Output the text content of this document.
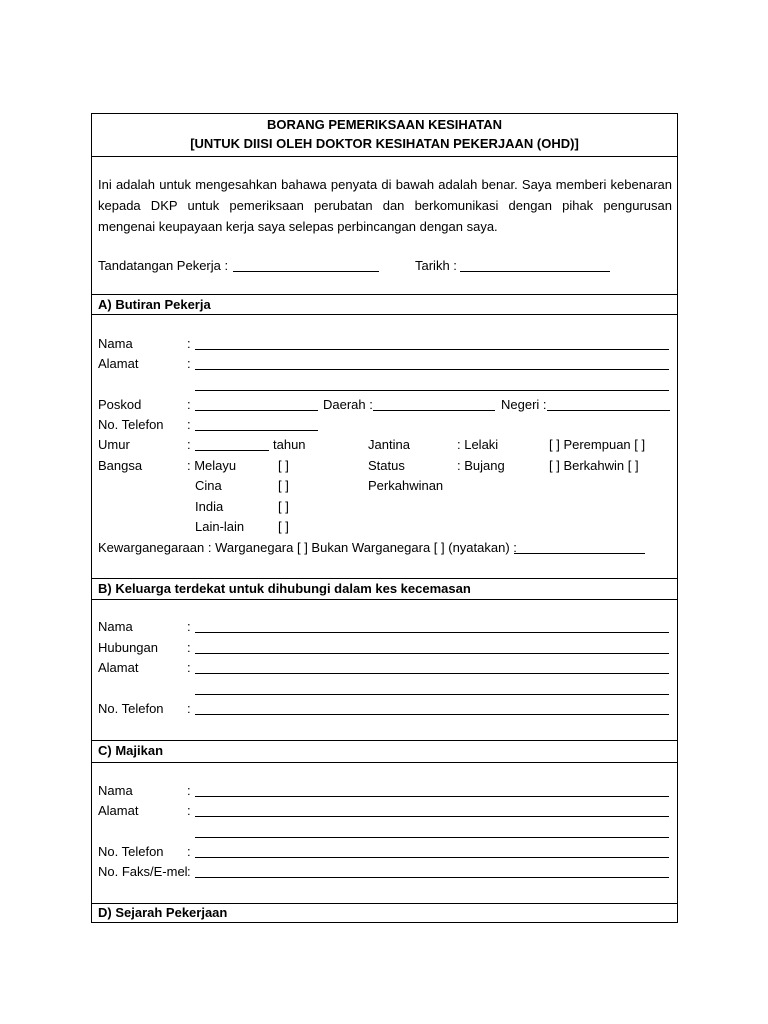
BORANG PEMERIKSAAN KESIHATAN
[UNTUK DIISI OLEH DOKTOR KESIHATAN PEKERJAAN (OHD)]
Ini adalah untuk mengesahkan bahawa penyata di bawah adalah benar. Saya memberi kebenaran kepada DKP untuk pemeriksaan perubatan dan berkomunikasi dengan pihak pengurusan mengenai keupayaan kerja saya selepas perbincangan dengan saya.
Tandatangan Pekerja :	Tarikh :
A) Butiran Pekerja
Nama	:
Alamat	:
Poskod	:	Daerah :	Negeri :
No. Telefon :
Umur	:	tahun	Jantina	: Lelaki	[ ] Perempuan [ ]
Bangsa	: Melayu	[ ]	Status	: Bujang	[ ] Berkahwin [ ]
Cina	[ ]	Perkahwinan
India	[ ]
Lain-lain	[ ]
Kewarganegaraan : Warganegara [ ] Bukan Warganegara [ ] (nyatakan) :
B) Keluarga terdekat untuk dihubungi dalam kes kecemasan
Nama	:
Hubungan :
Alamat	:
No. Telefon :
C) Majikan
Nama	:
Alamat	:
No. Telefon :
No. Faks/E-mel :
D) Sejarah Pekerjaan
